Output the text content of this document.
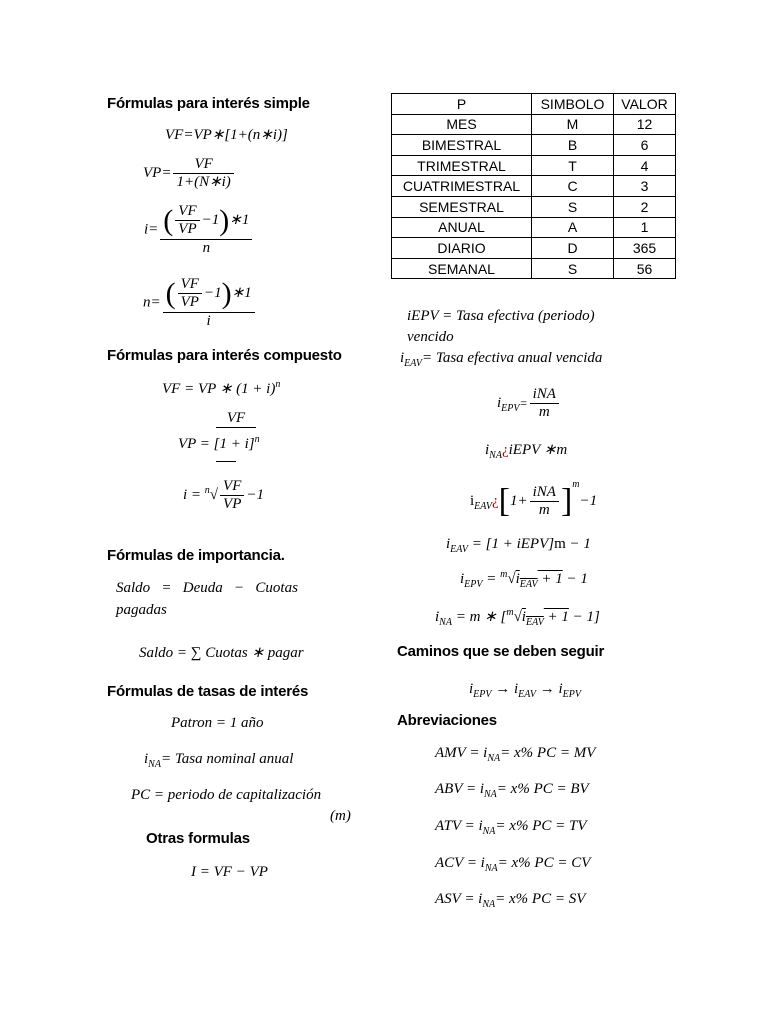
Fórmulas para interés simple
VF=VP∗[1+(n∗i)]
$VP= \frac{VF}{1+(N∗i)}$
$i= \frac{( \frac{VF}{VP} -1)∗1}{n}$
$n= \frac{( \frac{VF}{VP} -1)∗1}{i}$
Fórmulas para interés compuesto
VF = VP ∗ $(1 + i)^n$
VF
VP = $[1 + i]^n$
$i = ^n√ \frac{VF}{VP} -1$
Fórmulas de importancia.
Saldo   =   Deuda   −   Cuotas
pagadas
Saldo = ∑ Cuotas ∗ pagar
Fórmulas de tasas de interés
Patron = 1 año
$i_{NA}=$ Tasa nominal anual
PC = periodo de capitalización
(m)
Otras formulas
I = VF − VP
P	SIMBOLO	VALOR
MES	M	12
BIMESTRAL	B	6
TRIMESTRAL	T	4
CUATRIMESTRAL	C	3
SEMESTRAL	S	2
ANUAL	A	1
DIARIO	D	365
SEMANAL	S	56
iEPV = Tasa efectiva (periodo)
vencido
$i_{EAV}=$ Tasa efectiva anual vencida
$i_{EPV}= \frac{\text{iNA}}{m}$
$i_{NA}¿iEPV$ ∗m
$i_{EAV}¿[1+ \frac{\text{iNA}}{m} ]^m-1$
$i_{EAV} = [1$ + iEPV]m − 1
$i_{EPV} = ^m√i_{EAV} + 1 - 1$
$i_{NA} = m$ ∗ $[^m√i_{EAV} + 1 - 1]$
Caminos que se deben seguir
$i_{EPV} \to i_{EAV} \to i_{EPV}$
Abreviaciones
AMV = $i_{NA}= x\%$ PC = MV
ABV = $i_{NA}= x\%$ PC = BV
ATV = $i_{NA}= x\%$ PC = TV
ACV = $i_{NA}= x\%$ PC = CV
ASV = $i_{NA}= x\%$ PC = SV
